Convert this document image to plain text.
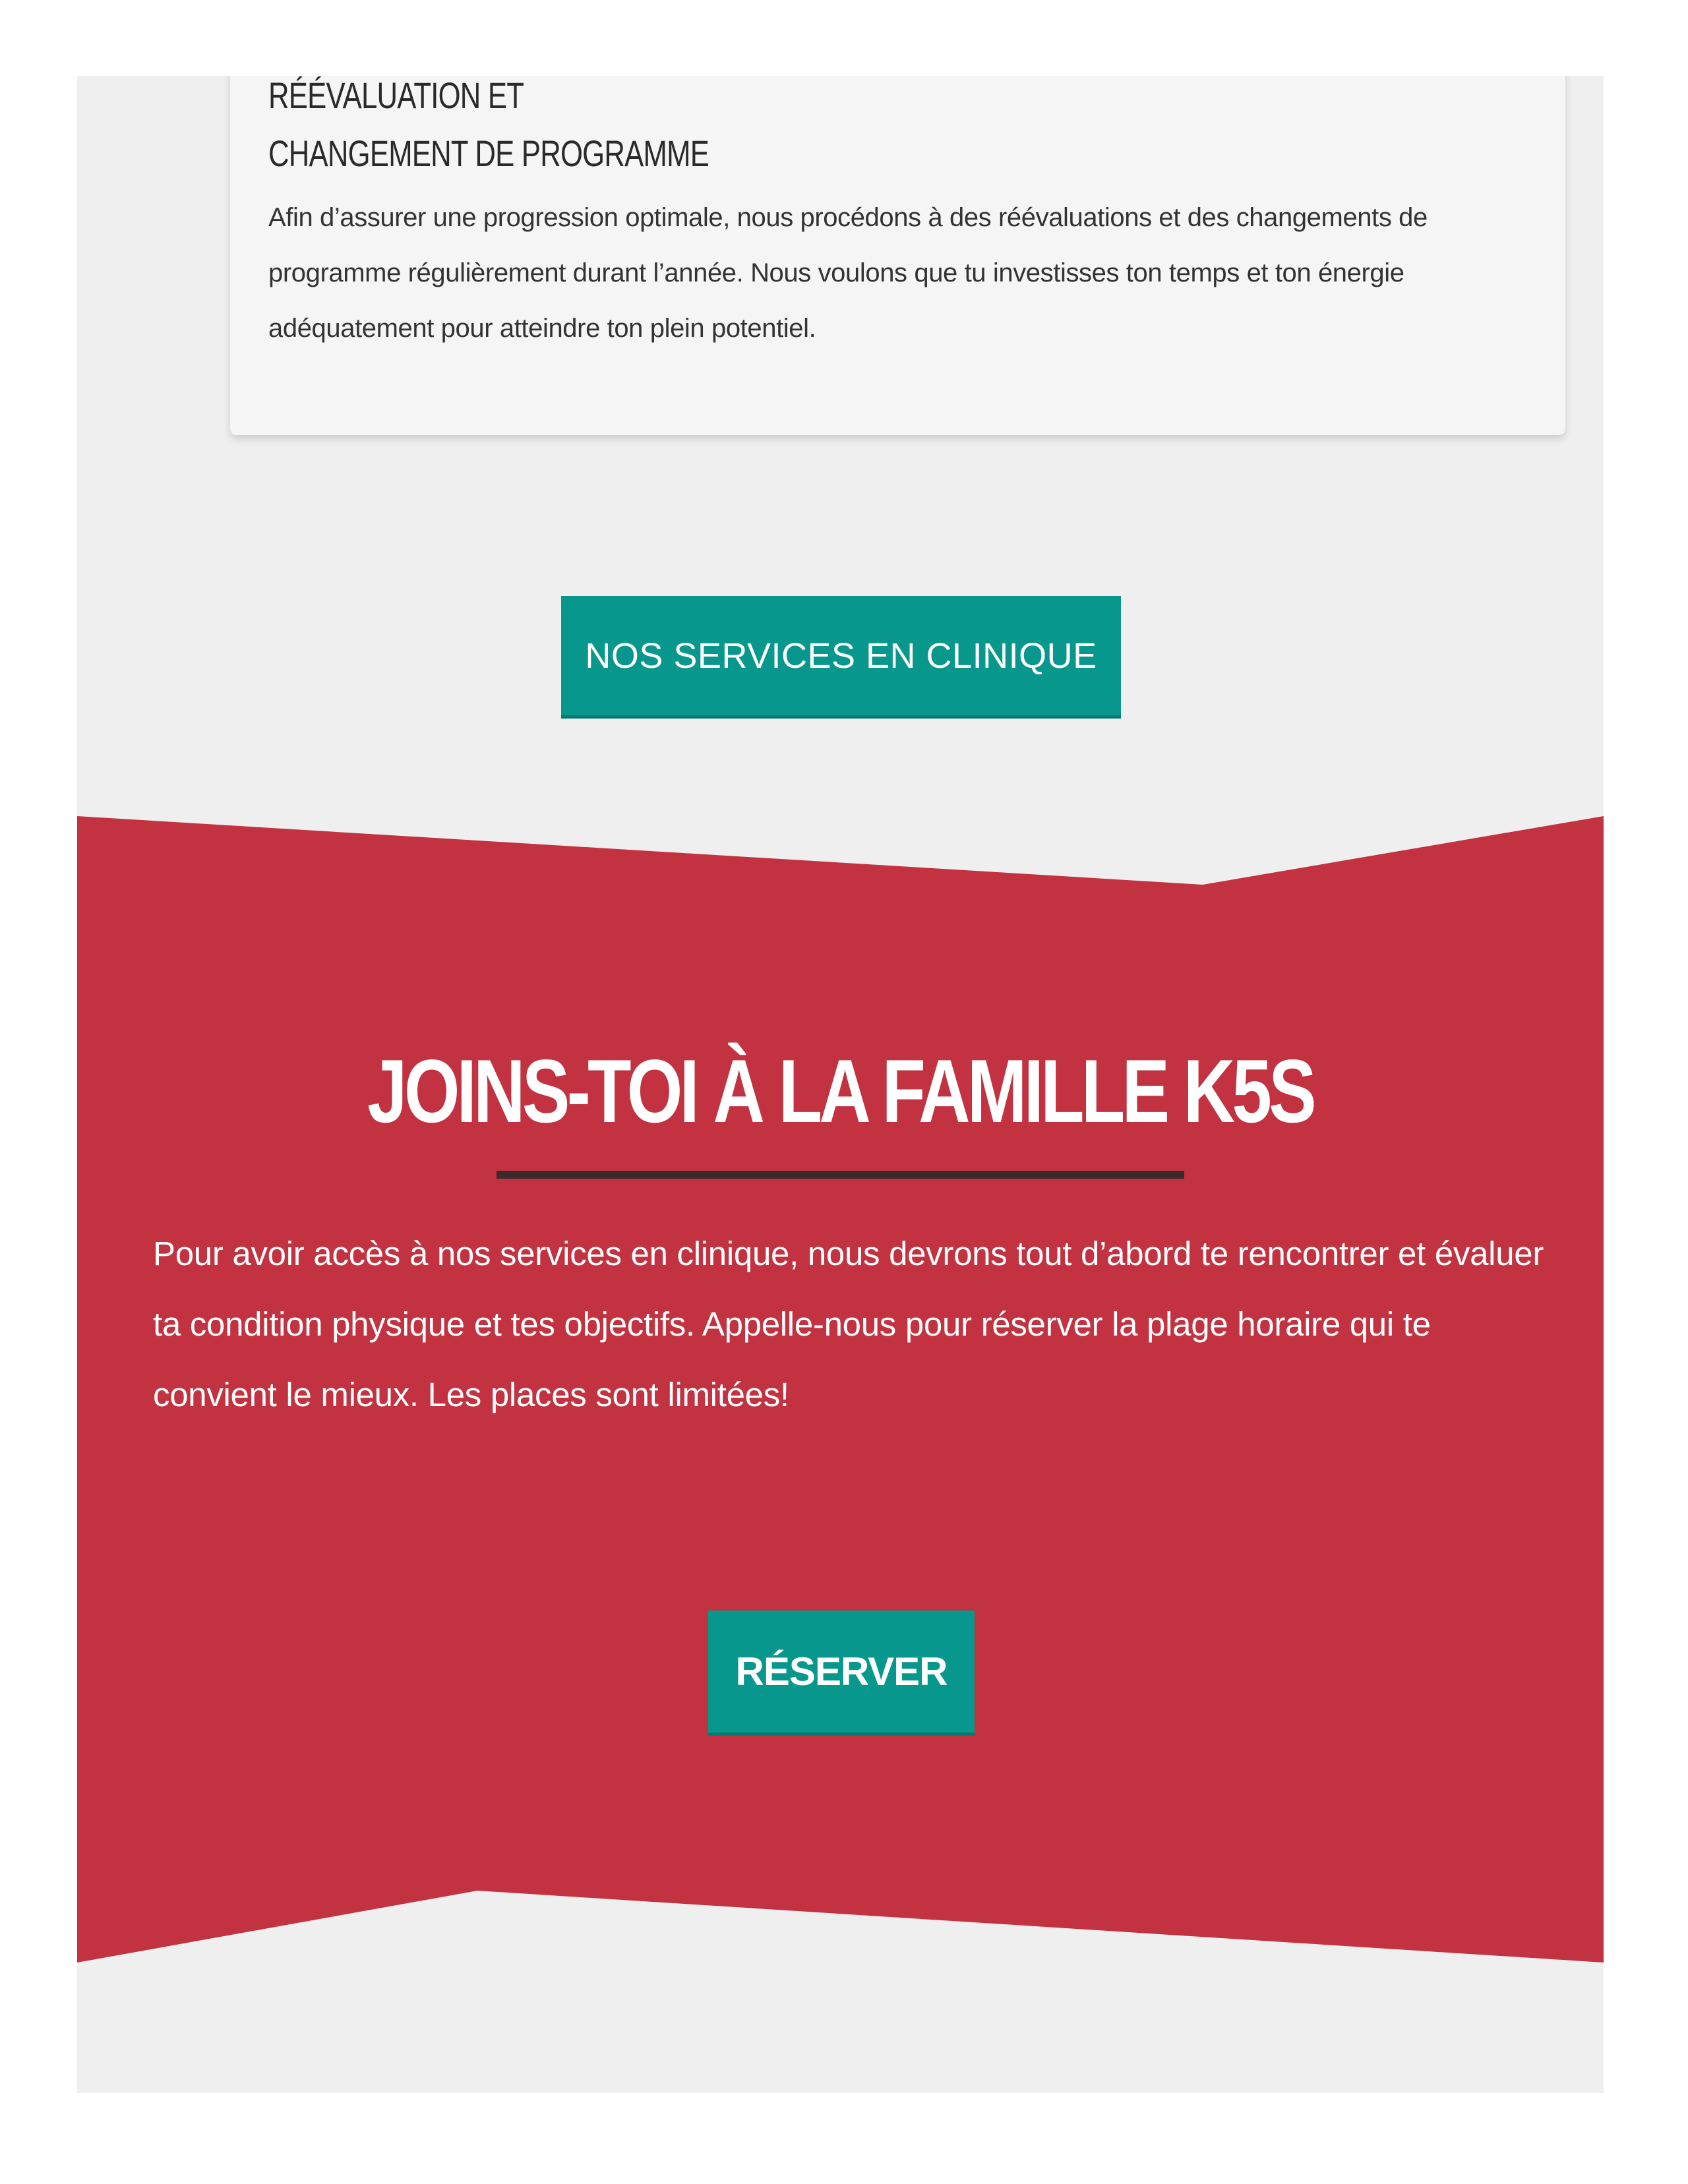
RÉÉVALUATION ET
CHANGEMENT DE PROGRAMME

Afin d’assurer une progression optimale, nous procédons à des réévaluations et des changements de programme régulièrement durant l’année. Nous voulons que tu investisses ton temps et ton énergie adéquatement pour atteindre ton plein potentiel.

NOS SERVICES EN CLINIQUE
JOINS-TOI À LA FAMILLE K5S

Pour avoir accès à nos services en clinique, nous devrons tout d’abord te rencontrer et évaluer ta condition physique et tes objectifs. Appelle-nous pour réserver la plage horaire qui te convient le mieux. Les places sont limitées!

RÉSERVER
